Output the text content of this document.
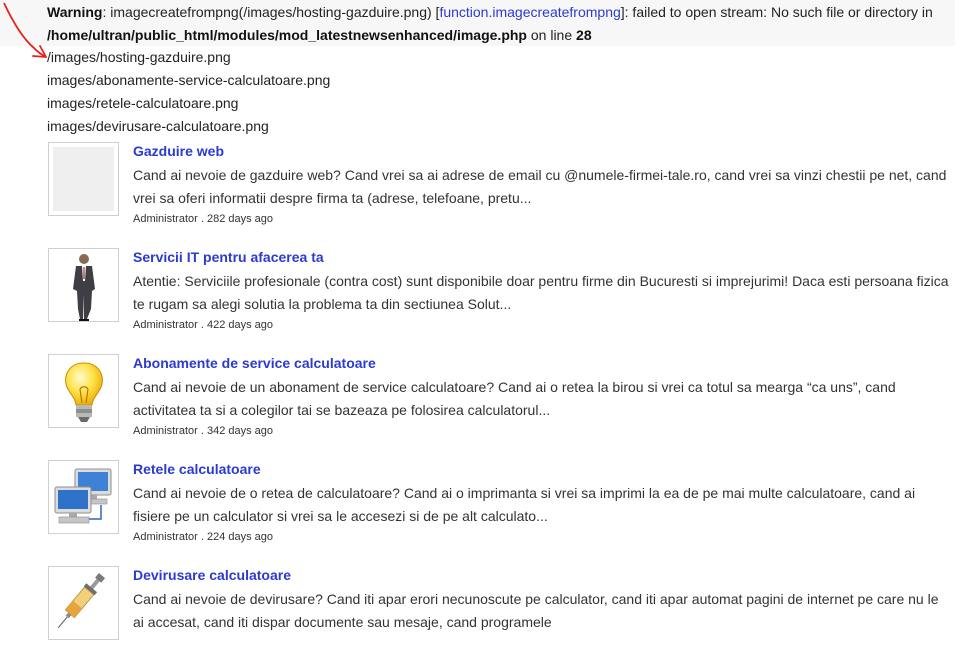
Warning: imagecreatefrompng(/images/hosting-gazduire.png) [function.imagecreatefrompng]: failed to open stream: No such file or directory in
/home/ultran/public_html/modules/mod_latestnewsenhanced/image.php on line 28
/images/hosting-gazduire.png
images/abonamente-service-calculatoare.png
images/retele-calculatoare.png
images/devirusare-calculatoare.png
Gazduire web
Cand ai nevoie de gazduire web? Cand vrei sa ai adrese de email cu @numele-firmei-tale.ro, cand vrei sa vinzi chestii pe net, cand
vrei sa oferi informatii despre firma ta (adrese, telefoane, pretu...
Administrator . 282 days ago
Servicii IT pentru afacerea ta
Atentie: Serviciile profesionale (contra cost) sunt disponibile doar pentru firme din Bucuresti si imprejurimi! Daca esti persoana fizica
te rugam sa alegi solutia la problema ta din sectiunea Solut...
Administrator . 422 days ago
Abonamente de service calculatoare
Cand ai nevoie de un abonament de service calculatoare? Cand ai o retea la birou si vrei ca totul sa mearga “ca uns”, cand
activitatea ta si a colegilor tai se bazeaza pe folosirea calculatorul...
Administrator . 342 days ago
Retele calculatoare
Cand ai nevoie de o retea de calculatoare? Cand ai o imprimanta si vrei sa imprimi la ea de pe mai multe calculatoare, cand ai
fisiere pe un calculator si vrei sa le accesezi si de pe alt calculato...
Administrator . 224 days ago
Devirusare calculatoare
Cand ai nevoie de devirusare? Cand iti apar erori necunoscute pe calculator, cand iti apar automat pagini de internet pe care nu le
ai accesat, cand iti dispar documente sau mesaje, cand programele
